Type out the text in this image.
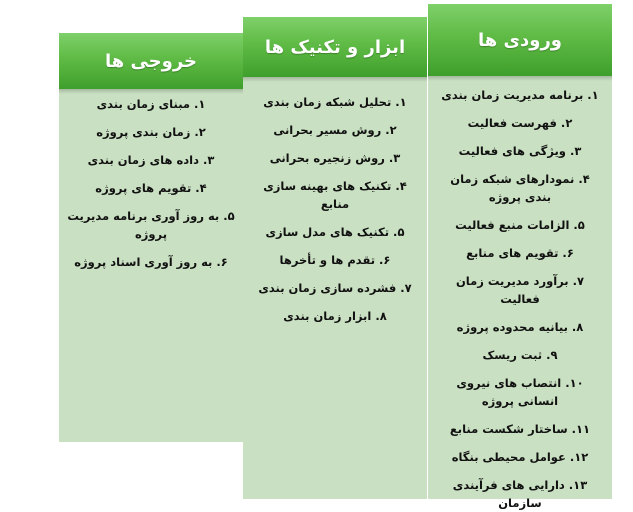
ورودی ها
۱. برنامه مدیریت زمان بندی
۲. فهرست فعالیت
۳. ویژگی های فعالیت
۴. نمودارهای شبکه زمان بندی پروژه
۵. الزامات منبع فعالیت
۶. تقویم های منابع
۷. برآورد مدیریت زمان فعالیت
۸. بیانیه محدوده پروژه
۹. ثبت ریسک
۱۰. انتصاب های نیروی انسانی پروژه
۱۱. ساختار شکست منابع
۱۲. عوامل محیطی بنگاه
۱۳. دارایی های فرآیندی سازمان
ابزار و تکنیک ها
۱. تحلیل شبکه زمان بندی
۲. روش مسیر بحرانی
۳. روش زنجیره بحرانی
۴. تکنیک های بهینه سازی منابع
۵. تکنیک های مدل سازی
۶. تقدم ها و تأخرها
۷. فشرده سازی زمان بندی
۸. ابزار زمان بندی
خروجی ها
۱. مبنای زمان بندی
۲. زمان بندی پروژه
۳. داده های زمان بندی
۴. تقویم های پروژه
۵. به روز آوری برنامه مدیریت پروژه
۶. به روز آوری اسناد پروژه
